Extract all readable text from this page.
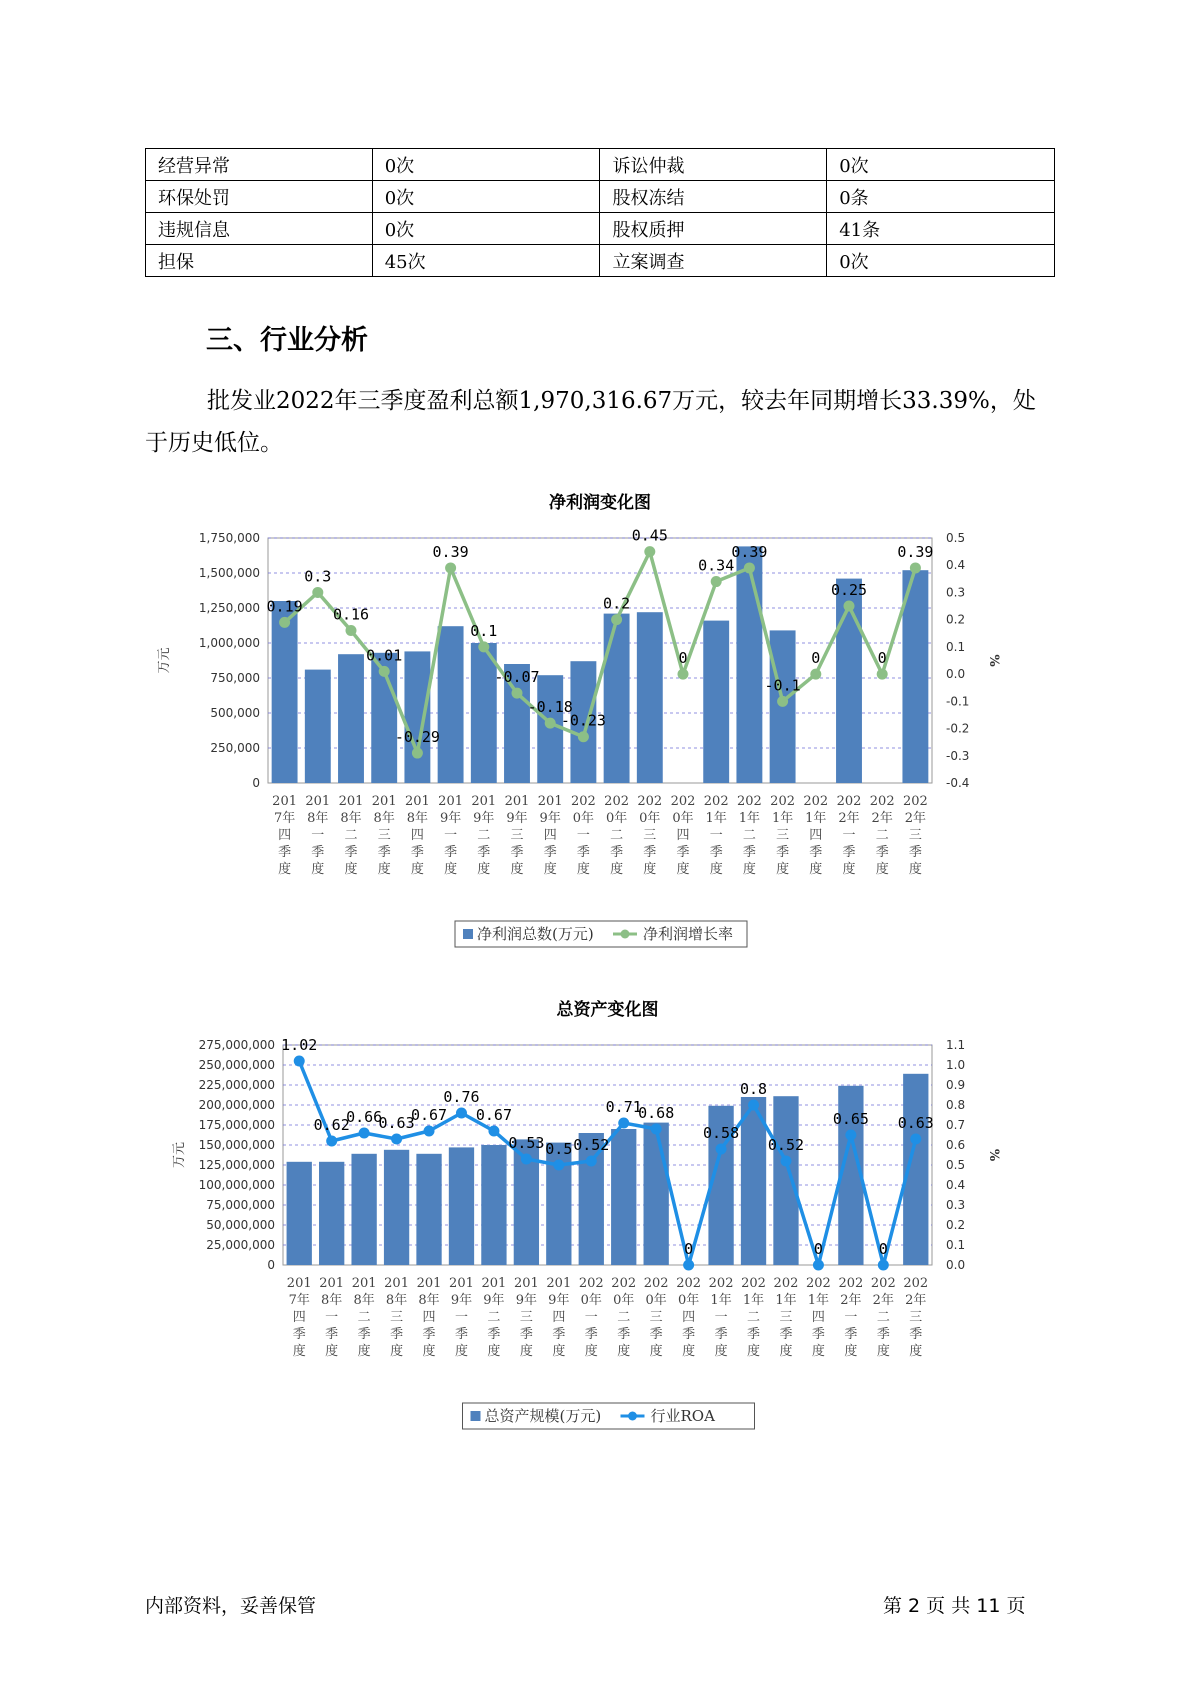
经营异常	0次	诉讼仲裁	0次
环保处罚	0次	股权冻结	0条
违规信息	0次	股权质押	41条
担保	45次	立案调查	0次
三、行业分析

批发业2022年三季度盈利总额1,970,316.67万元，较去年同期增长33.39%，处于历史低位。

净利润变化图
0
250,000
500,000
750,000
1,000,000
1,250,000
1,500,000
1,750,000
-0.4
-0.3
-0.2
-0.1
0.0
0.1
0.2
0.3
0.4
0.5
万元	%
0.19
0.3
0.16
0.01
-0.29
0.39
0.1
-0.07
-0.18
-0.23
0.2
0.45
0
0.34
0.39
-0.1
0
0.25
0
0.39
201 7年四季度
201 8年一季度
201 8年二季度
201 8年三季度
201 8年四季度
201 9年一季度
201 9年二季度
201 9年三季度
201 9年四季度
202 0年一季度
202 0年二季度
202 0年三季度
202 0年四季度
202 1年一季度
202 1年二季度
202 1年三季度
202 1年四季度
202 2年一季度
202 2年二季度
202 2年三季度
净利润总数(万元)	净利润增长率
总资产变化图
0
25,000,000
50,000,000
75,000,000
100,000,000
125,000,000
150,000,000
175,000,000
200,000,000
225,000,000
250,000,000
275,000,000
0.0
0.1
0.2
0.3
0.4
0.5
0.6
0.7
0.8
0.9
1.0
1.1
万元	%
1.02
0.62
0.66
0.63
0.67
0.76
0.67
0.53 0.5 0.52
0.71
0.68
0
0.58
0.8
0.52
0
0.65
0
0.63
201 7年四季度
201 8年一季度
201 8年二季度
201 8年三季度
201 8年四季度
201 9年一季度
201 9年二季度
201 9年三季度
201 9年四季度
202 0年一季度
202 0年二季度
202 0年三季度
202 0年四季度
202 1年一季度
202 1年二季度
202 1年三季度
202 1年四季度
202 2年一季度
202 2年二季度
202 2年三季度
总资产规模(万元)	行业ROA
内部资料，妥善保管	第 2 页 共 11 页
